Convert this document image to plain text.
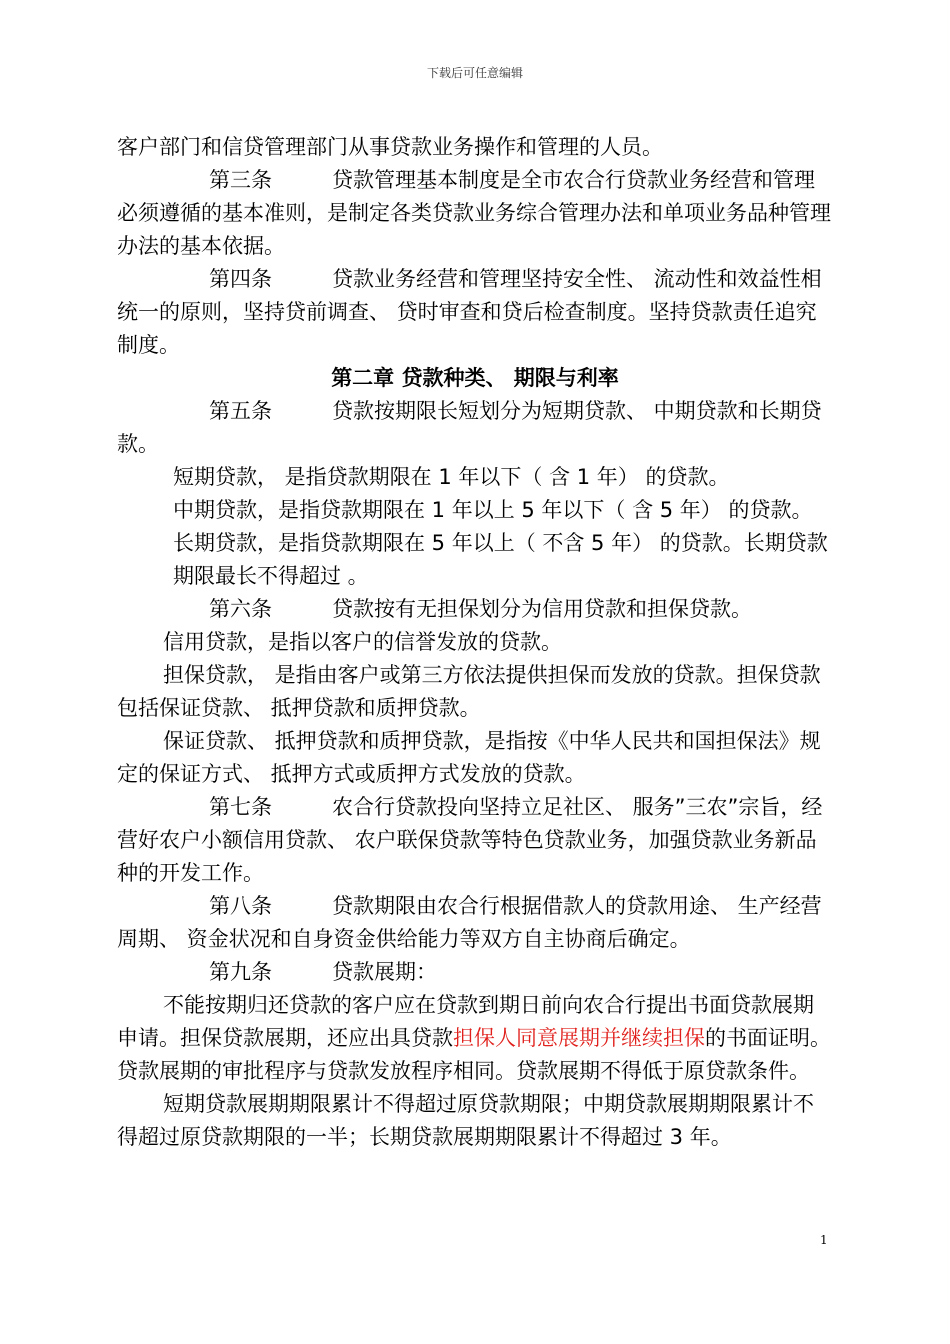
下载后可任意编辑

客户部门和信贷管理部门从事贷款业务操作和管理的人员。

第三条	贷款管理基本制度是全市农合行贷款业务经营和管理必须遵循的基本准则，是制定各类贷款业务综合管理办法和单项业务品种管理办法的基本依据。

第四条	贷款业务经营和管理坚持安全性、 流动性和效益性相统一的原则，坚持贷前调查、 贷时审查和贷后检查制度。坚持贷款责任追究制度。

第二章 贷款种类、 期限与利率

第五条	贷款按期限长短划分为短期贷款、 中期贷款和长期贷款。

短期贷款， 是指贷款期限在 1 年以下（ 含 1 年） 的贷款。

中期贷款，是指贷款期限在 1 年以上 5 年以下（ 含 5 年） 的贷款。

长期贷款，是指贷款期限在 5 年以上（ 不含 5 年） 的贷款。长期贷款期限最长不得超过 。

第六条	贷款按有无担保划分为信用贷款和担保贷款。

信用贷款，是指以客户的信誉发放的贷款。

担保贷款， 是指由客户或第三方依法提供担保而发放的贷款。担保贷款包括保证贷款、 抵押贷款和质押贷款。

保证贷款、 抵押贷款和质押贷款，是指按《中华人民共和国担保法》规定的保证方式、 抵押方式或质押方式发放的贷款。

第七条	农合行贷款投向坚持立足社区、 服务”三农”宗旨，经营好农户小额信用贷款、 农户联保贷款等特色贷款业务，加强贷款业务新品种的开发工作。

第八条	贷款期限由农合行根据借款人的贷款用途、 生产经营周期、 资金状况和自身资金供给能力等双方自主协商后确定。

第九条	贷款展期：

不能按期归还贷款的客户应在贷款到期日前向农合行提出书面贷款展期申请。担保贷款展期，还应出具贷款担保人同意展期并继续担保的书面证明。贷款展期的审批程序与贷款发放程序相同。贷款展期不得低于原贷款条件。

短期贷款展期期限累计不得超过原贷款期限；中期贷款展期期限累计不得超过原贷款期限的一半；长期贷款展期期限累计不得超过 3 年。

1
